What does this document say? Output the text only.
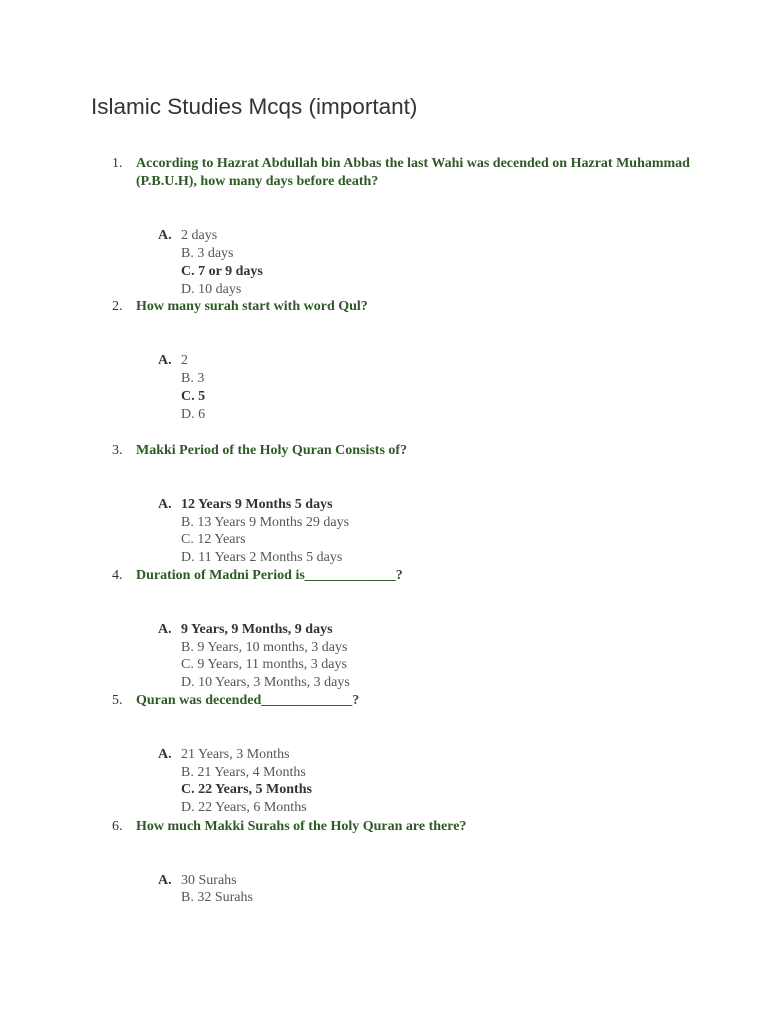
Islamic Studies Mcqs (important)
1. According to Hazrat Abdullah bin Abbas the last Wahi was decended on Hazrat Muhammad (P.B.U.H), how many days before death?

A. 2 days
B. 3 days
C. 7 or 9 days
D. 10 days
2. How many surah start with word Qul?

A. 2
B. 3
C. 5
D. 6
3. Makki Period of the Holy Quran Consists of?

A. 12 Years 9 Months 5 days
B. 13 Years 9 Months 29 days
C. 12 Years
D. 11 Years 2 Months 5 days
4. Duration of Madni Period is_____________?

A. 9 Years, 9 Months, 9 days
B. 9 Years, 10 months, 3 days
C. 9 Years, 11 months, 3 days
D. 10 Years, 3 Months, 3 days
5. Quran was decended_____________?

A. 21 Years, 3 Months
B. 21 Years, 4 Months
C. 22 Years, 5 Months
D. 22 Years, 6 Months
6. How much Makki Surahs of the Holy Quran are there?

A. 30 Surahs
B. 32 Surahs
